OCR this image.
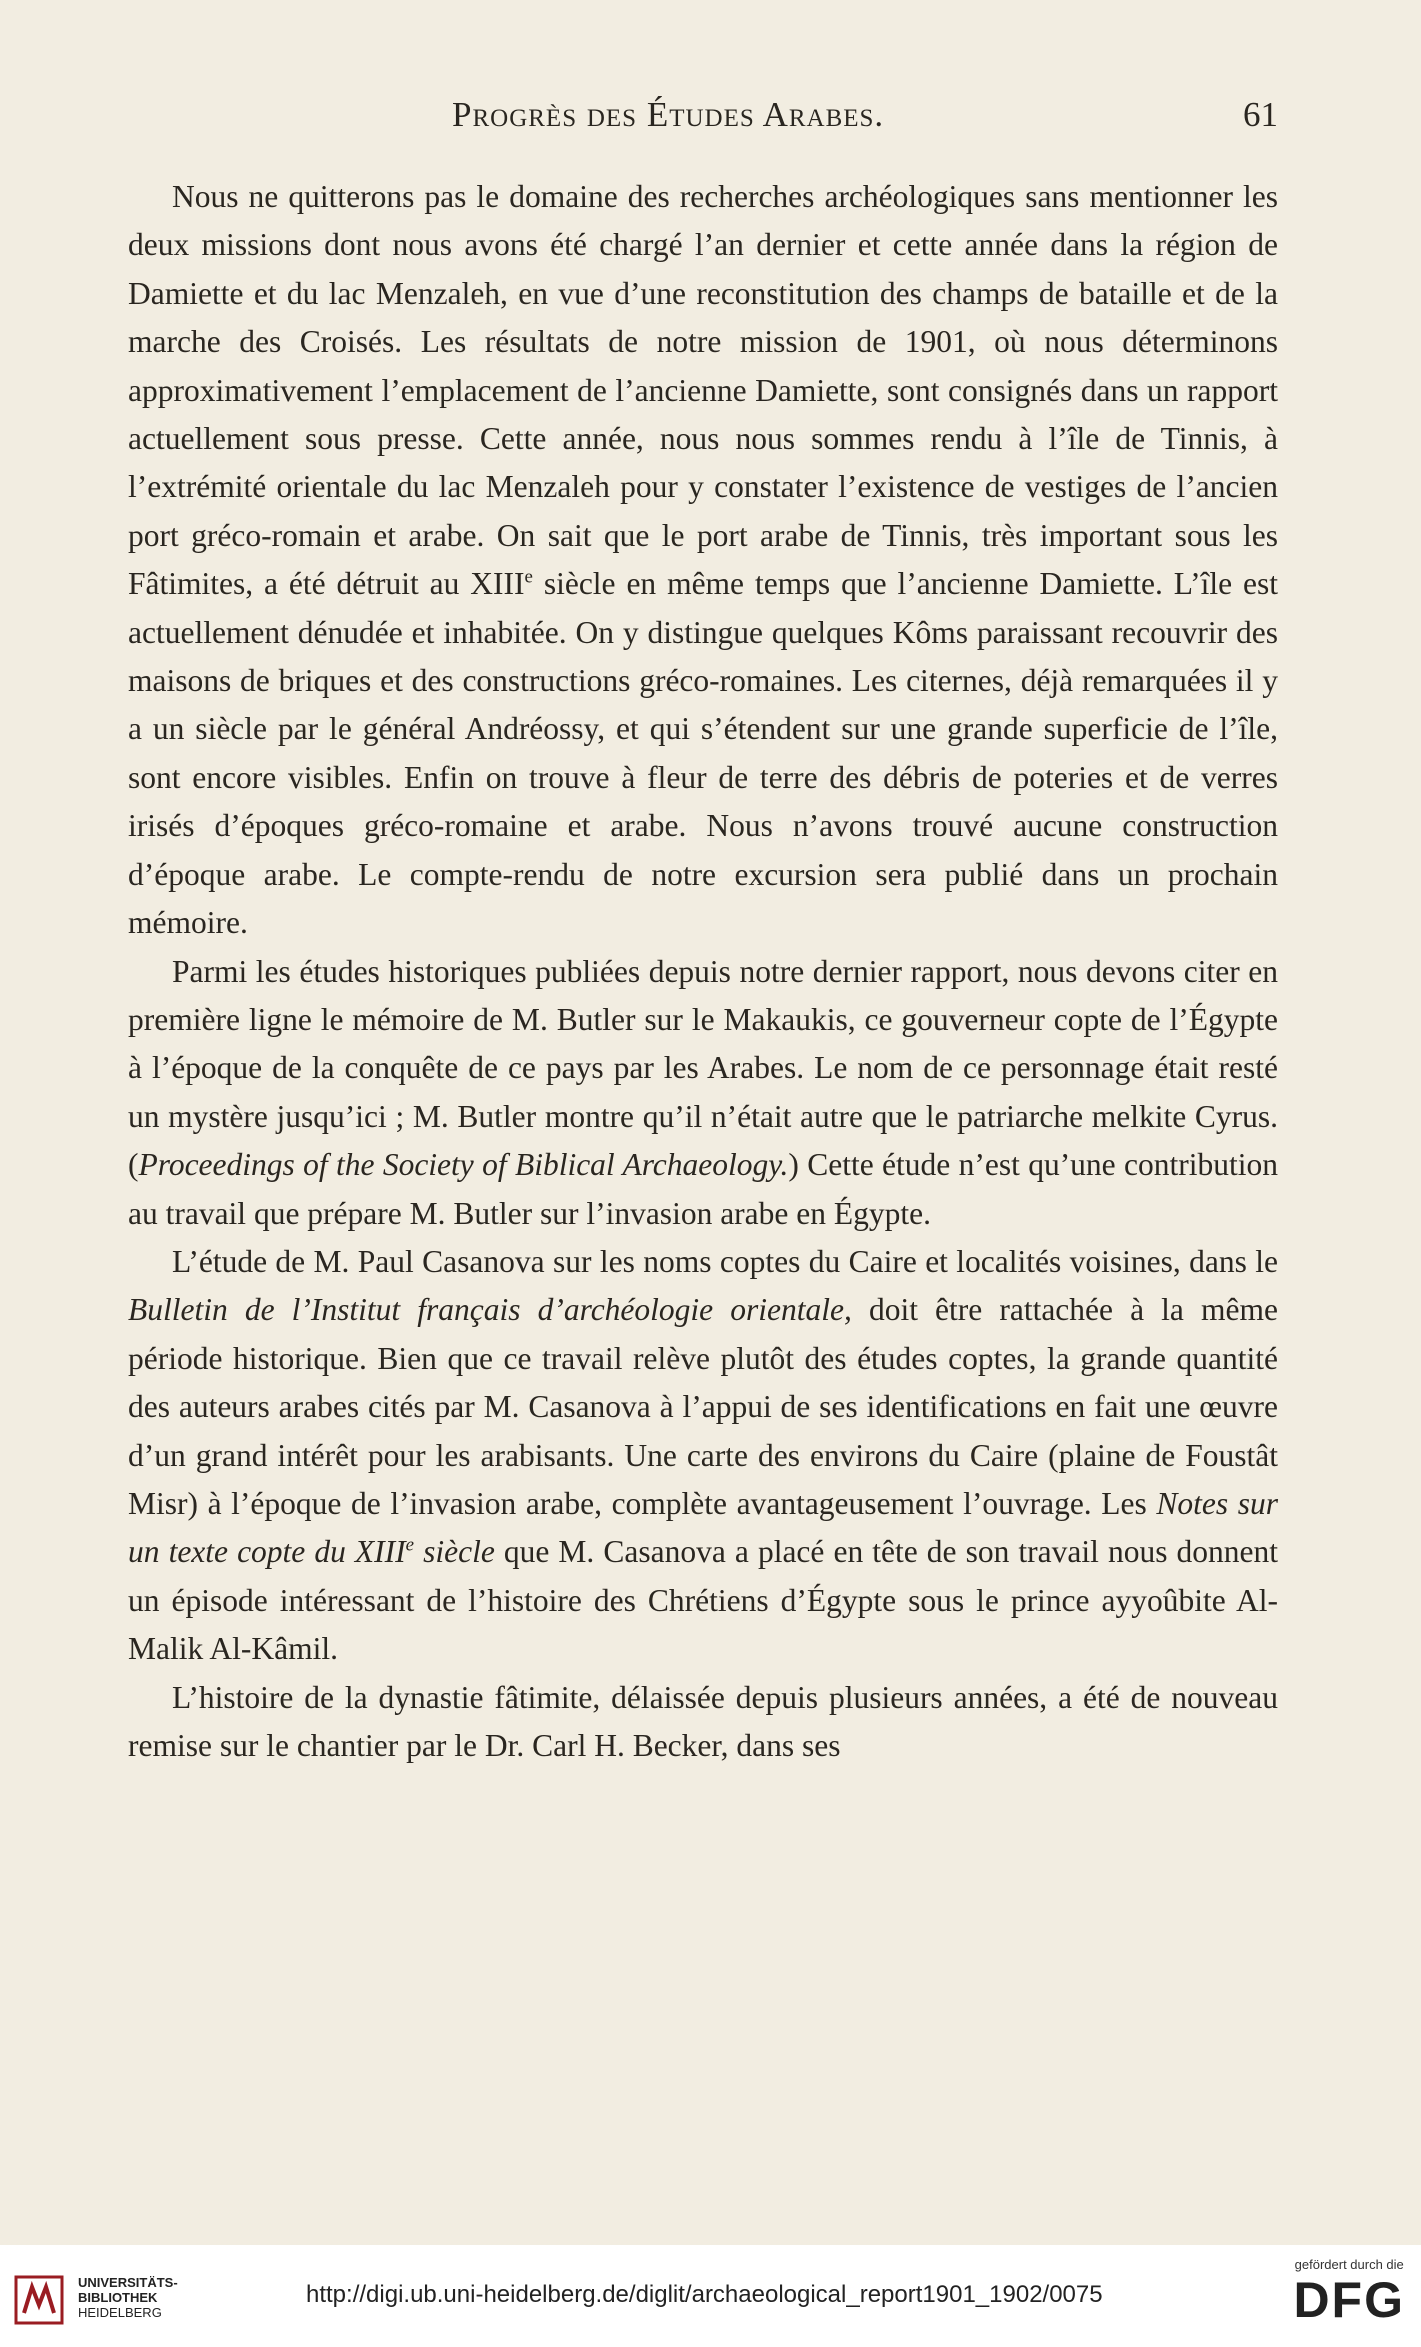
Progrès des Études Arabes.	61

Nous ne quitterons pas le domaine des recherches archéologiques sans mentionner les deux missions dont nous avons été chargé l’an dernier et cette année dans la région de Damiette et du lac Menzaleh, en vue d’une reconstitution des champs de bataille et de la marche des Croisés. Les résultats de notre mission de 1901, où nous déterminons approximativement l’emplacement de l’ancienne Damiette, sont consignés dans un rapport actuellement sous presse. Cette année, nous nous sommes rendu à l’île de Tinnis, à l’extrémité orientale du lac Menzaleh pour y constater l’existence de vestiges de l’ancien port gréco-romain et arabe. On sait que le port arabe de Tinnis, très important sous les Fâtimites, a été détruit au XIIIe siècle en même temps que l’ancienne Damiette. L’île est actuellement dénudée et inhabitée. On y distingue quelques Kôms paraissant recouvrir des maisons de briques et des constructions gréco-romaines. Les citernes, déjà remarquées il y a un siècle par le général Andréossy, et qui s’étendent sur une grande superficie de l’île, sont encore visibles. Enfin on trouve à fleur de terre des débris de poteries et de verres irisés d’époques gréco-romaine et arabe. Nous n’avons trouvé aucune construction d’époque arabe. Le compte-rendu de notre excursion sera publié dans un prochain mémoire.

Parmi les études historiques publiées depuis notre dernier rapport, nous devons citer en première ligne le mémoire de M. Butler sur le Makaukis, ce gouverneur copte de l’Égypte à l’époque de la conquête de ce pays par les Arabes. Le nom de ce personnage était resté un mystère jusqu’ici ; M. Butler montre qu’il n’était autre que le patriarche melkite Cyrus. (Proceedings of the Society of Biblical Archaeology.) Cette étude n’est qu’une contribution au travail que prépare M. Butler sur l’invasion arabe en Égypte.

L’étude de M. Paul Casanova sur les noms coptes du Caire et localités voisines, dans le Bulletin de l’Institut français d’archéologie orientale, doit être rattachée à la même période historique. Bien que ce travail relève plutôt des études coptes, la grande quantité des auteurs arabes cités par M. Casanova à l’appui de ses identifications en fait une œuvre d’un grand intérêt pour les arabisants. Une carte des environs du Caire (plaine de Foustât Misr) à l’époque de l’invasion arabe, complète avantageusement l’ouvrage. Les Notes sur un texte copte du XIIIe siècle que M. Casanova a placé en tête de son travail nous donnent un épisode intéressant de l’histoire des Chrétiens d’Égypte sous le prince ayyoûbite Al-Malik Al-Kâmil.

L’histoire de la dynastie fâtimite, délaissée depuis plusieurs années, a été de nouveau remise sur le chantier par le Dr. Carl H. Becker, dans ses

UNIVERSITÄTS-
BIBLIOTHEK
HEIDELBERG
http://digi.ub.uni-heidelberg.de/diglit/archaeological_report1901_1902/0075
gefördert durch die
DFG
